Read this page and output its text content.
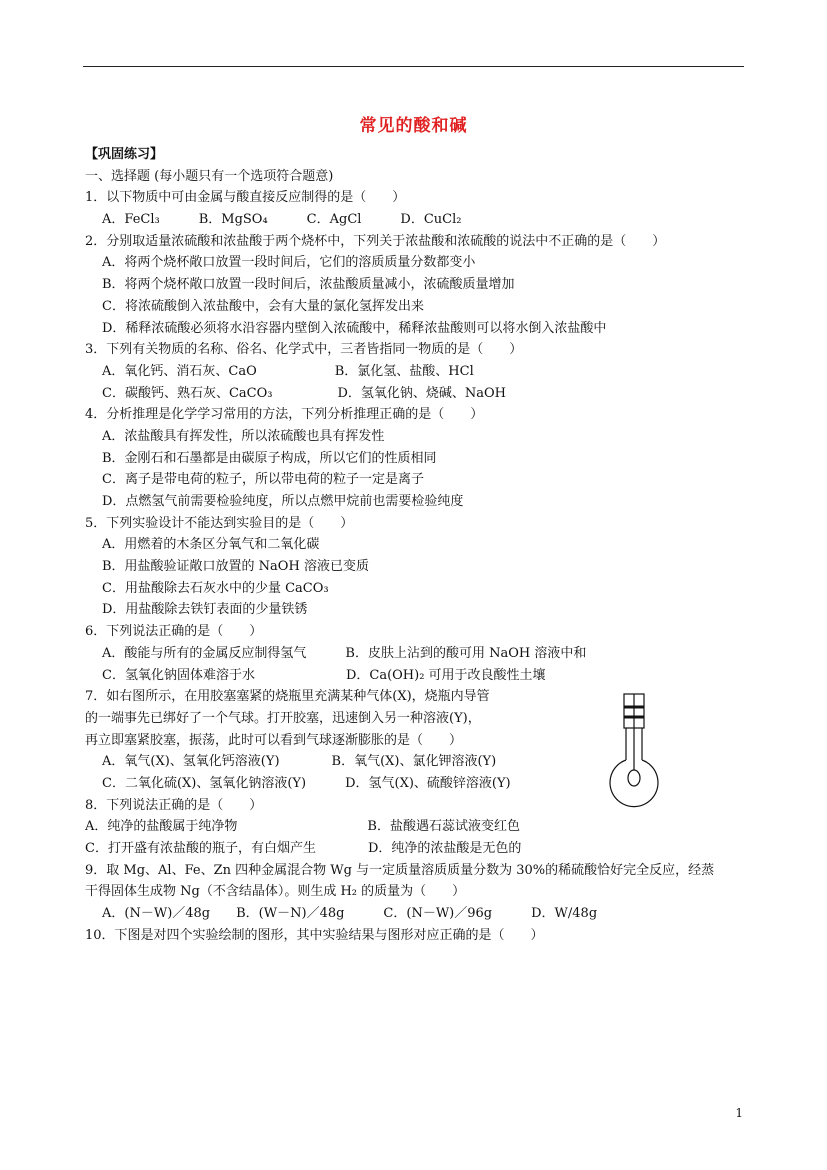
常见的酸和碱
【巩固练习】
一、选择题 (每小题只有一个选项符合题意)
1．以下物质中可由金属与酸直接反应制得的是（　　）
A．FeCl₃　　　B．MgSO₄　　　C．AgCl　　　D．CuCl₂
2．分别取适量浓硫酸和浓盐酸于两个烧杯中，下列关于浓盐酸和浓硫酸的说法中不正确的是（　　）
A．将两个烧杯敞口放置一段时间后，它们的溶质质量分数都变小
B．将两个烧杯敞口放置一段时间后，浓盐酸质量减小，浓硫酸质量增加
C．将浓硫酸倒入浓盐酸中，会有大量的氯化氢挥发出来
D．稀释浓硫酸必须将水沿容器内壁倒入浓硫酸中，稀释浓盐酸则可以将水倒入浓盐酸中
3．下列有关物质的名称、俗名、化学式中，三者皆指同一物质的是（　　）
A．氧化钙、消石灰、CaO　　　　　　B．氯化氢、盐酸、HCl
C．碳酸钙、熟石灰、CaCO₃　　　　　D．氢氧化钠、烧碱、NaOH
4．分析推理是化学学习常用的方法，下列分析推理正确的是（　　）
A．浓盐酸具有挥发性，所以浓硫酸也具有挥发性
B．金刚石和石墨都是由碳原子构成，所以它们的性质相同
C．离子是带电荷的粒子，所以带电荷的粒子一定是离子
D．点燃氢气前需要检验纯度，所以点燃甲烷前也需要检验纯度
5．下列实验设计不能达到实验目的是（　　）
A．用燃着的木条区分氧气和二氧化碳
B．用盐酸验证敞口放置的 NaOH 溶液已变质
C．用盐酸除去石灰水中的少量 CaCO₃
D．用盐酸除去铁钉表面的少量铁锈
6．下列说法正确的是（　　）
A．酸能与所有的金属反应制得氢气　　　B．皮肤上沾到的酸可用 NaOH 溶液中和
C．氢氧化钠固体难溶于水　　　　　　　D．Ca(OH)₂ 可用于改良酸性土壤
7．如右图所示，在用胶塞塞紧的烧瓶里充满某种气体(X)，烧瓶内导管
的一端事先已绑好了一个气球。打开胶塞，迅速倒入另一种溶液(Y)，
再立即塞紧胶塞，振荡，此时可以看到气球逐渐膨胀的是（　　）
A．氧气(X)、氢氧化钙溶液(Y)　　　　B．氧气(X)、氯化钾溶液(Y)
C．二氧化硫(X)、氢氧化钠溶液(Y)　　　D．氢气(X)、硫酸锌溶液(Y)
8．下列说法正确的是（　　）
A．纯净的盐酸属于纯净物　　　　　　　　　　B．盐酸遇石蕊试液变红色
C．打开盛有浓盐酸的瓶子，有白烟产生　　　　D．纯净的浓盐酸是无色的
9．取 Mg、Al、Fe、Zn 四种金属混合物 Wg 与一定质量溶质质量分数为 30%的稀硫酸恰好完全反应，经蒸
干得固体生成物 Ng（不含结晶体）。则生成 H₂ 的质量为（　　）
A．(N－W)／48g　　B．(W－N)／48g　　　C．(N－W)／96g　　　D．W/48g
10．下图是对四个实验绘制的图形，其中实验结果与图形对应正确的是（　　）
1
